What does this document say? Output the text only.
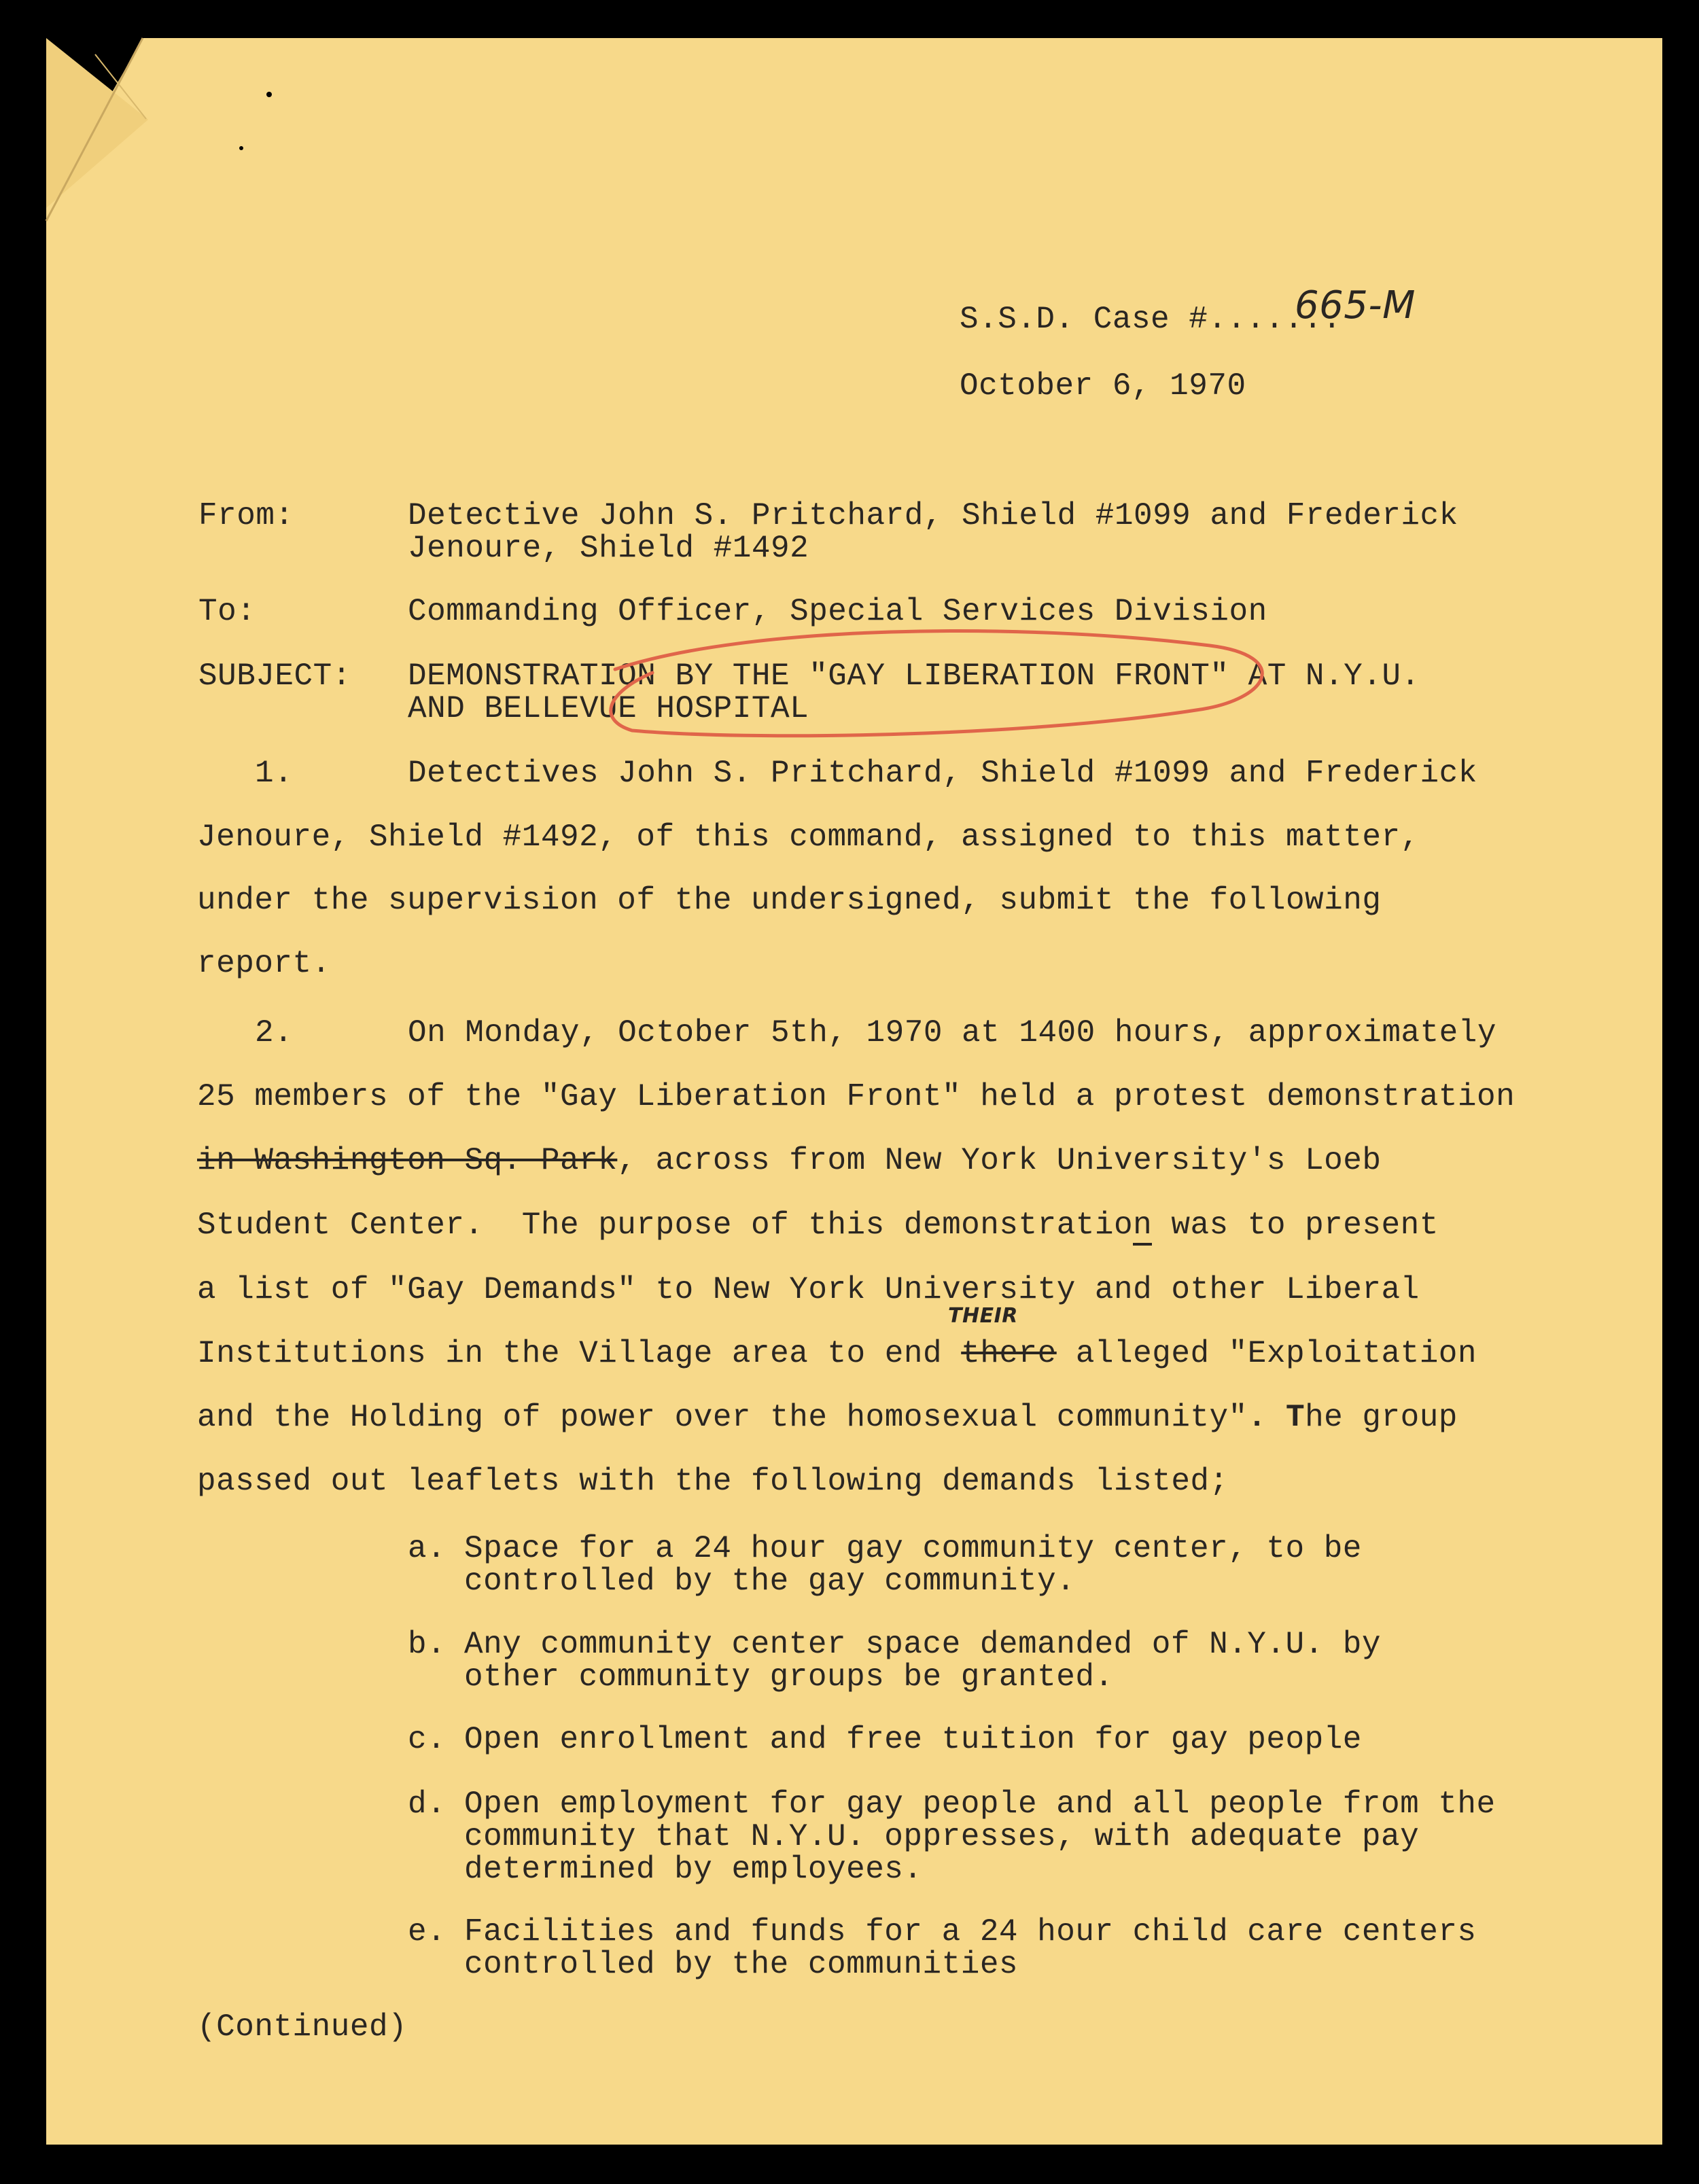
S.S.D. Case #.......
665-M
October 6, 1970
From:	Detective John S. Pritchard, Shield #1099 and Frederick
Jenoure, Shield #1492
To:	Commanding Officer, Special Services Division
SUBJECT: DEMONSTRATION BY THE "GAY LIBERATION FRONT" AT N.Y.U.
AND BELLEVUE HOSPITAL
1.	Detectives John S. Pritchard, Shield #1099 and Frederick
Jenoure, Shield #1492, of this command, assigned to this matter,
under the supervision of the undersigned, submit the following
report.
2.	On Monday, October 5th, 1970 at 1400 hours, approximately
25 members of the "Gay Liberation Front" held a protest demonstration
in Washington Sq. Park, across from New York University's Loeb
Student Center.  The purpose of this demonstration was to present
a list of "Gay Demands" to New York University and other Liberal
THEIR
Institutions in the Village area to end there alleged "Exploitation
and the Holding of power over the homosexual community". The group
passed out leaflets with the following demands listed;
a. Space for a 24 hour gay community center, to be
controlled by the gay community.
b. Any community center space demanded of N.Y.U. by
other community groups be granted.
c. Open enrollment and free tuition for gay people
d. Open employment for gay people and all people from the
community that N.Y.U. oppresses, with adequate pay
determined by employees.
e. Facilities and funds for a 24 hour child care centers
controlled by the communities
(Continued)
